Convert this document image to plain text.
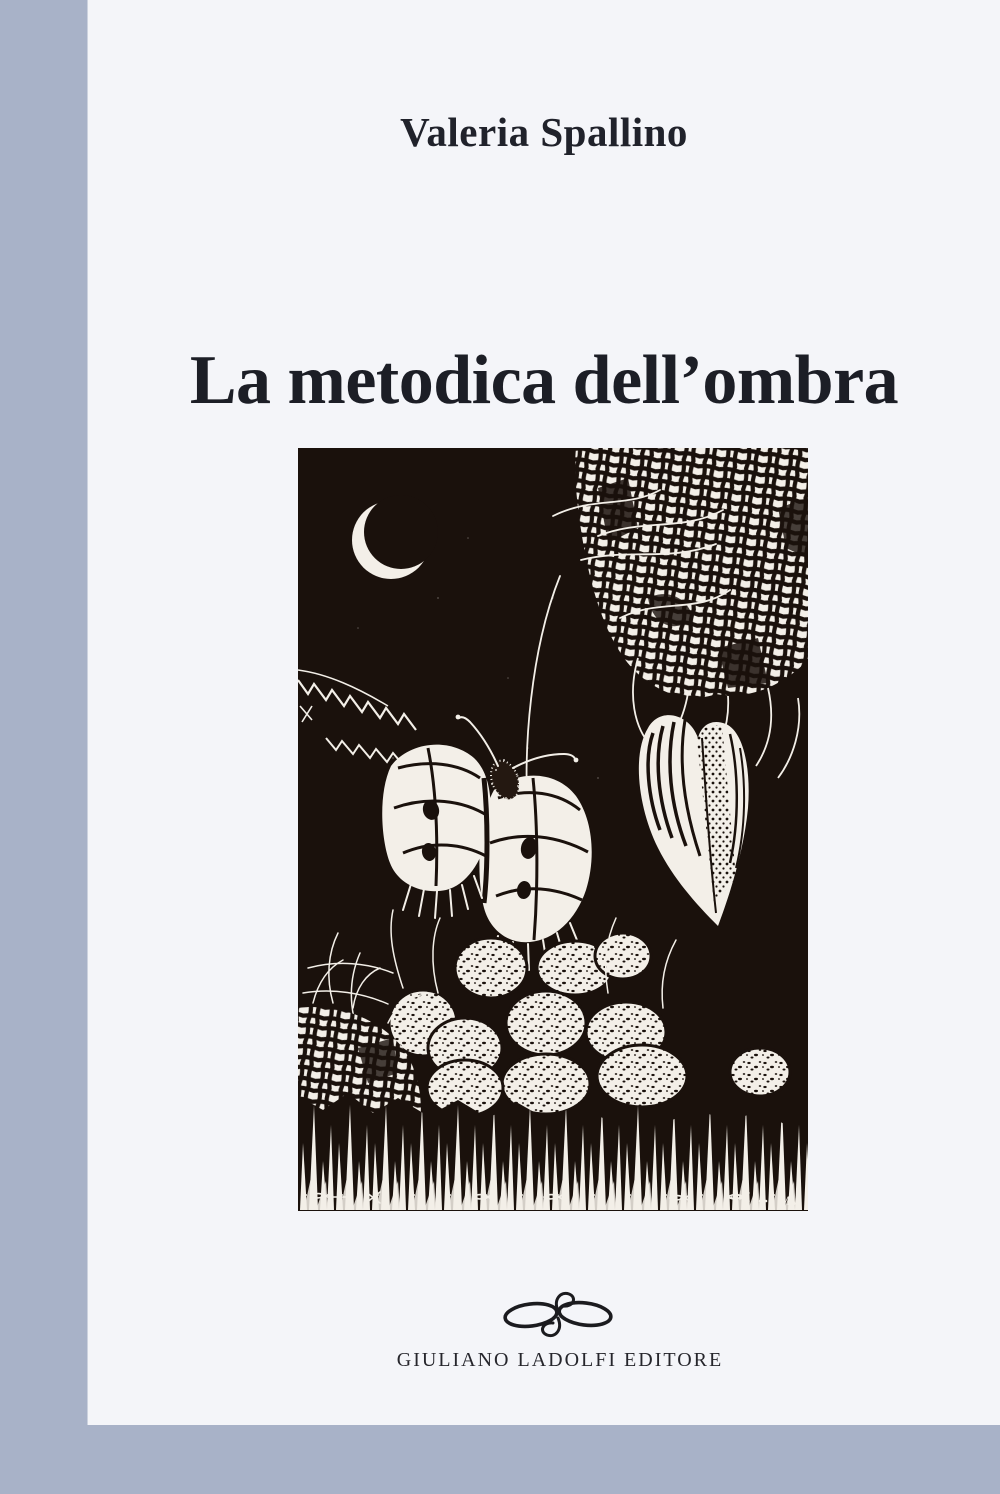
Valeria Spallino
La metodica dell’ombra
MM
GIULIANO LADOLFI EDITORE
